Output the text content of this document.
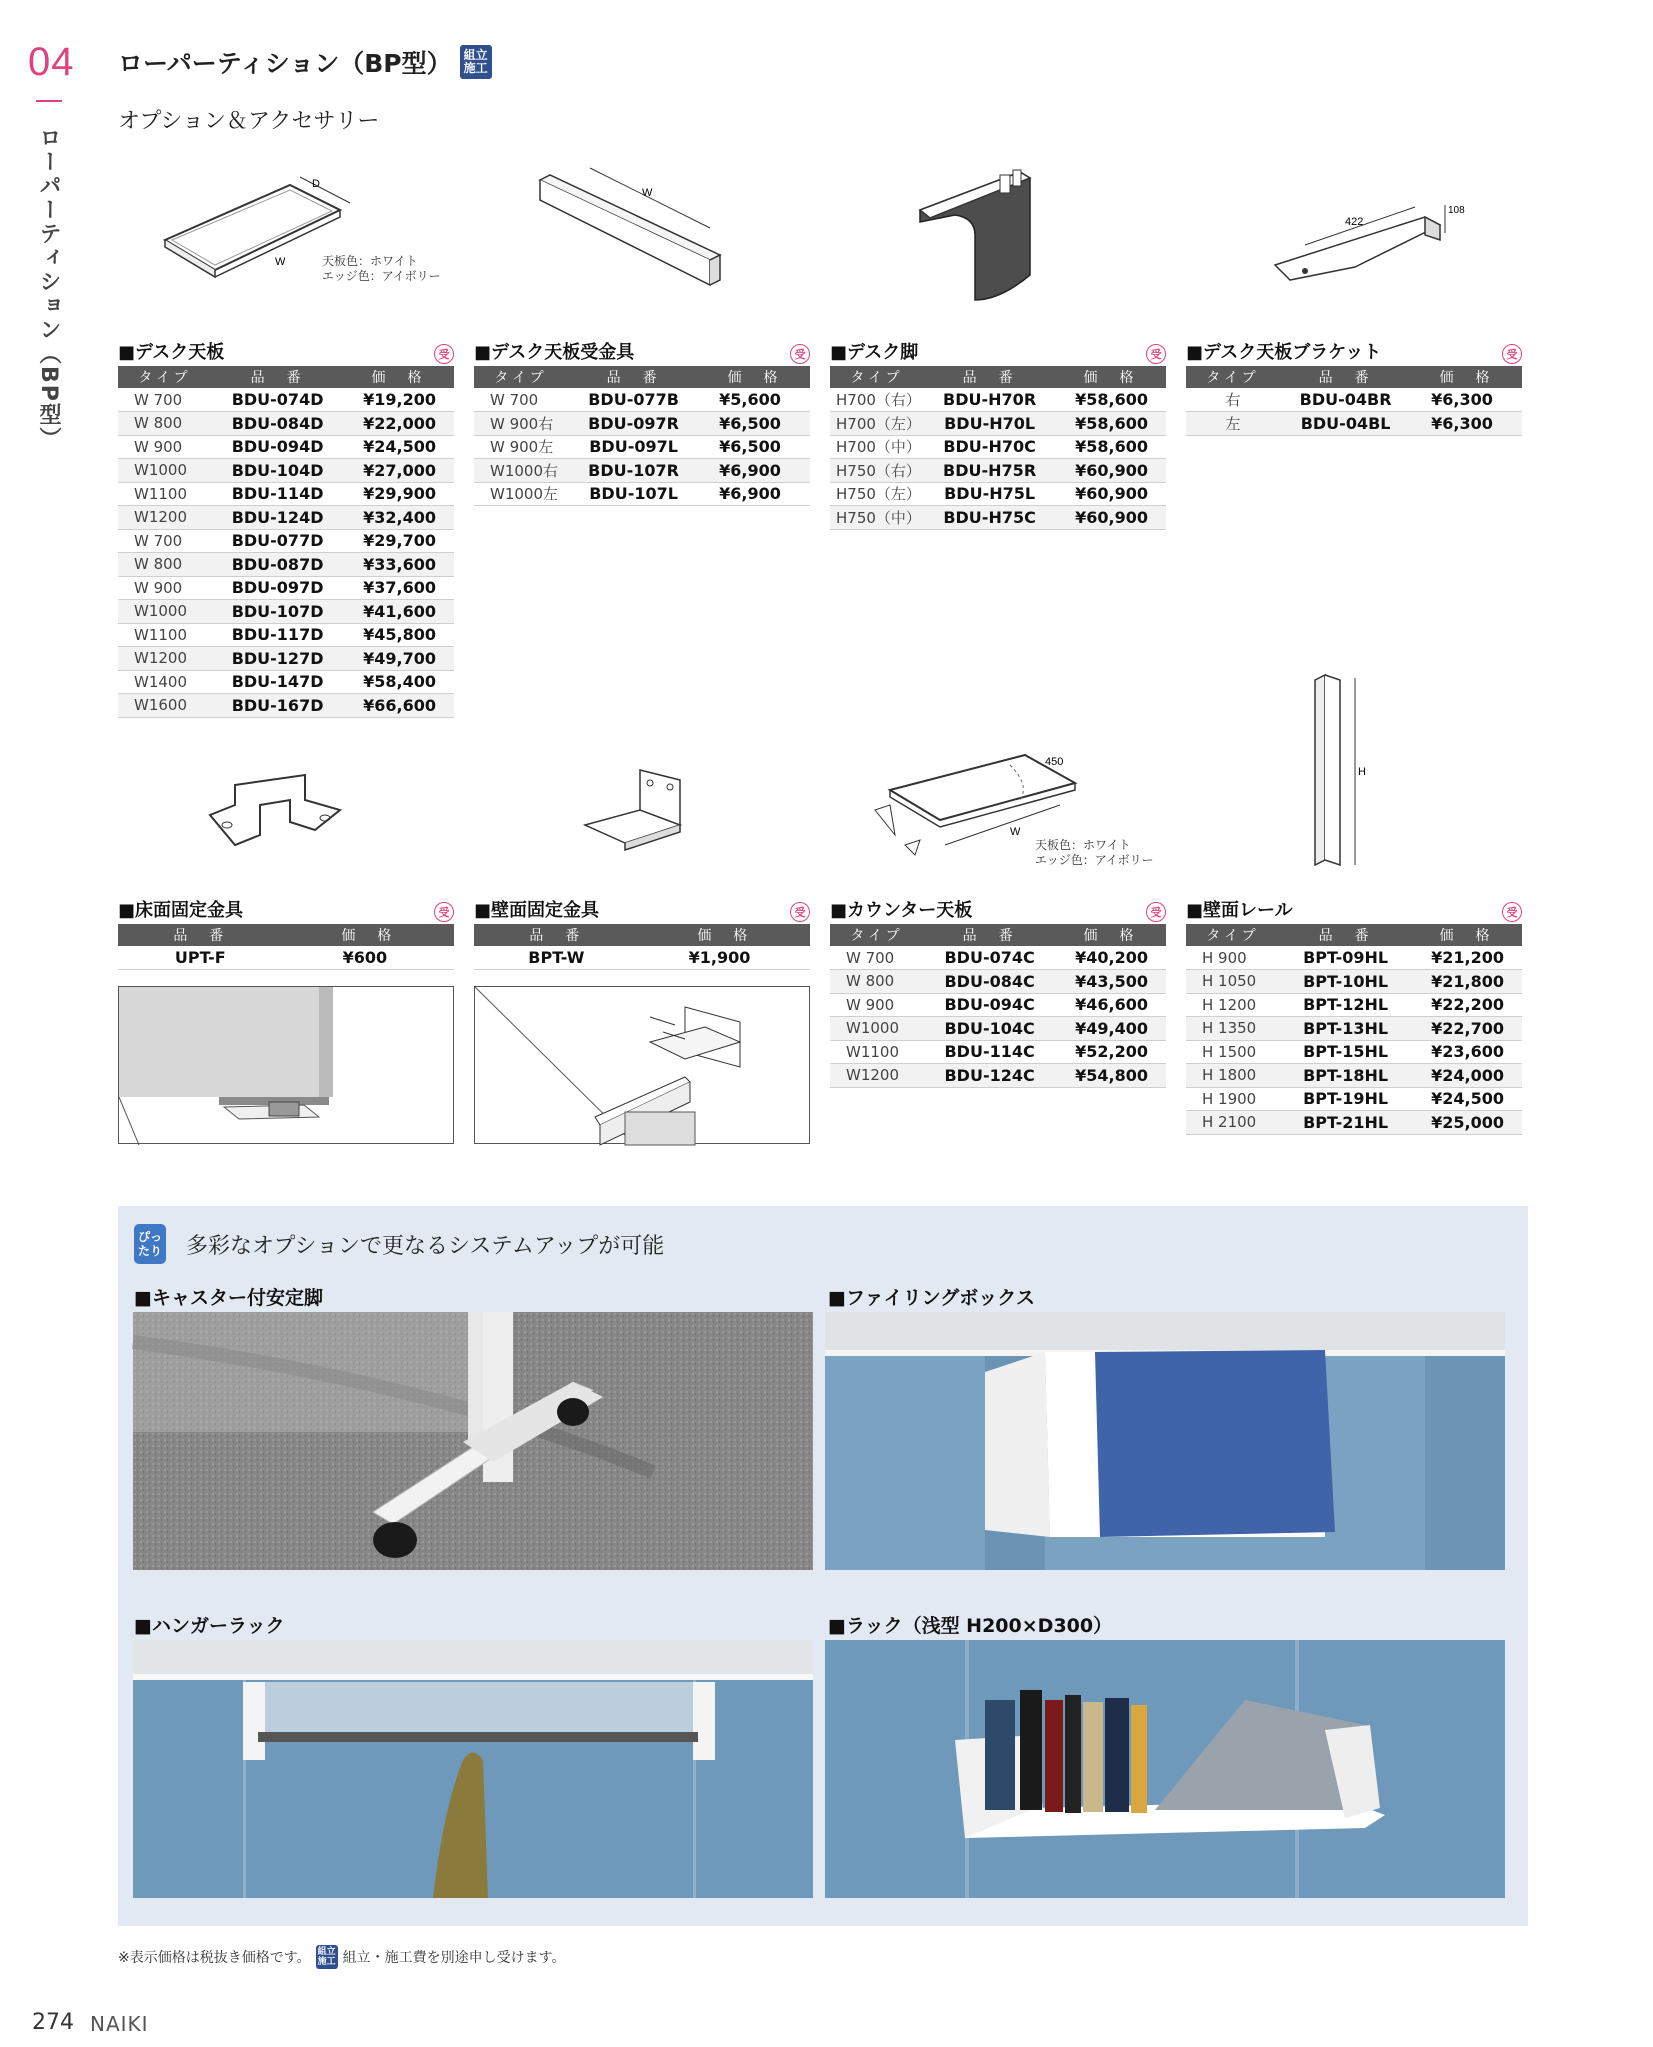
04
ローパーティション（BP型）
ローパーティション（BP型） 組立
施工
オプション＆アクセサリー
D
W	天板色：ホワイト
エッジ色：アイボリー
W
422
108
■デスク天板	受
タイプ	品　番	価　格
W 700	BDU-074D	¥19,200
W 800	BDU-084D	¥22,000
W 900	BDU-094D	¥24,500
W1000	BDU-104D	¥27,000
W1100	BDU-114D	¥29,900
W1200	BDU-124D	¥32,400
W 700	BDU-077D	¥29,700
W 800	BDU-087D	¥33,600
W 900	BDU-097D	¥37,600
W1000	BDU-107D	¥41,600
W1100	BDU-117D	¥45,800
W1200	BDU-127D	¥49,700
W1400	BDU-147D	¥58,400
W1600	BDU-167D	¥66,600
■デスク天板受金具	受
タイプ	品　番	価　格
W 700	BDU-077B	¥5,600
W 900右	BDU-097R	¥6,500
W 900左	BDU-097L	¥6,500
W1000右	BDU-107R	¥6,900
W1000左	BDU-107L	¥6,900
■デスク脚	受
タイプ	品　番	価　格
H700（右）	BDU-H70R	¥58,600
H700（左）	BDU-H70L	¥58,600
H700（中）	BDU-H70C	¥58,600
H750（右）	BDU-H75R	¥60,900
H750（左）	BDU-H75L	¥60,900
H750（中）	BDU-H75C	¥60,900
■デスク天板ブラケット	受
タイプ	品　番	価　格
右	BDU-04BR	¥6,300
左	BDU-04BL	¥6,300
W
450
天板色：ホワイト
エッジ色：アイボリー
H
■床面固定金具	受
品　番	価　格
UPT-F	¥600
■壁面固定金具	受
品　番	価　格
BPT-W	¥1,900
■カウンター天板	受
タイプ	品　番	価　格
W 700	BDU-074C	¥40,200
W 800	BDU-084C	¥43,500
W 900	BDU-094C	¥46,600
W1000	BDU-104C	¥49,400
W1100	BDU-114C	¥52,200
W1200	BDU-124C	¥54,800
■壁面レール	受
タイプ	品　番	価　格
H 900	BPT-09HL	¥21,200
H 1050	BPT-10HL	¥21,800
H 1200	BPT-12HL	¥22,200
H 1350	BPT-13HL	¥22,700
H 1500	BPT-15HL	¥23,600
H 1800	BPT-18HL	¥24,000
H 1900	BPT-19HL	¥24,500
H 2100	BPT-21HL	¥25,000
ぴっ
たり 多彩なオプションで更なるシステムアップが可能
■キャスター付安定脚	■ファイリングボックス
■ハンガーラック	■ラック（浅型 H200×D300）
※表示価格は税抜き価格です。 組立
施工 組立・施工費を別途申し受けます。
274 NAIKI
